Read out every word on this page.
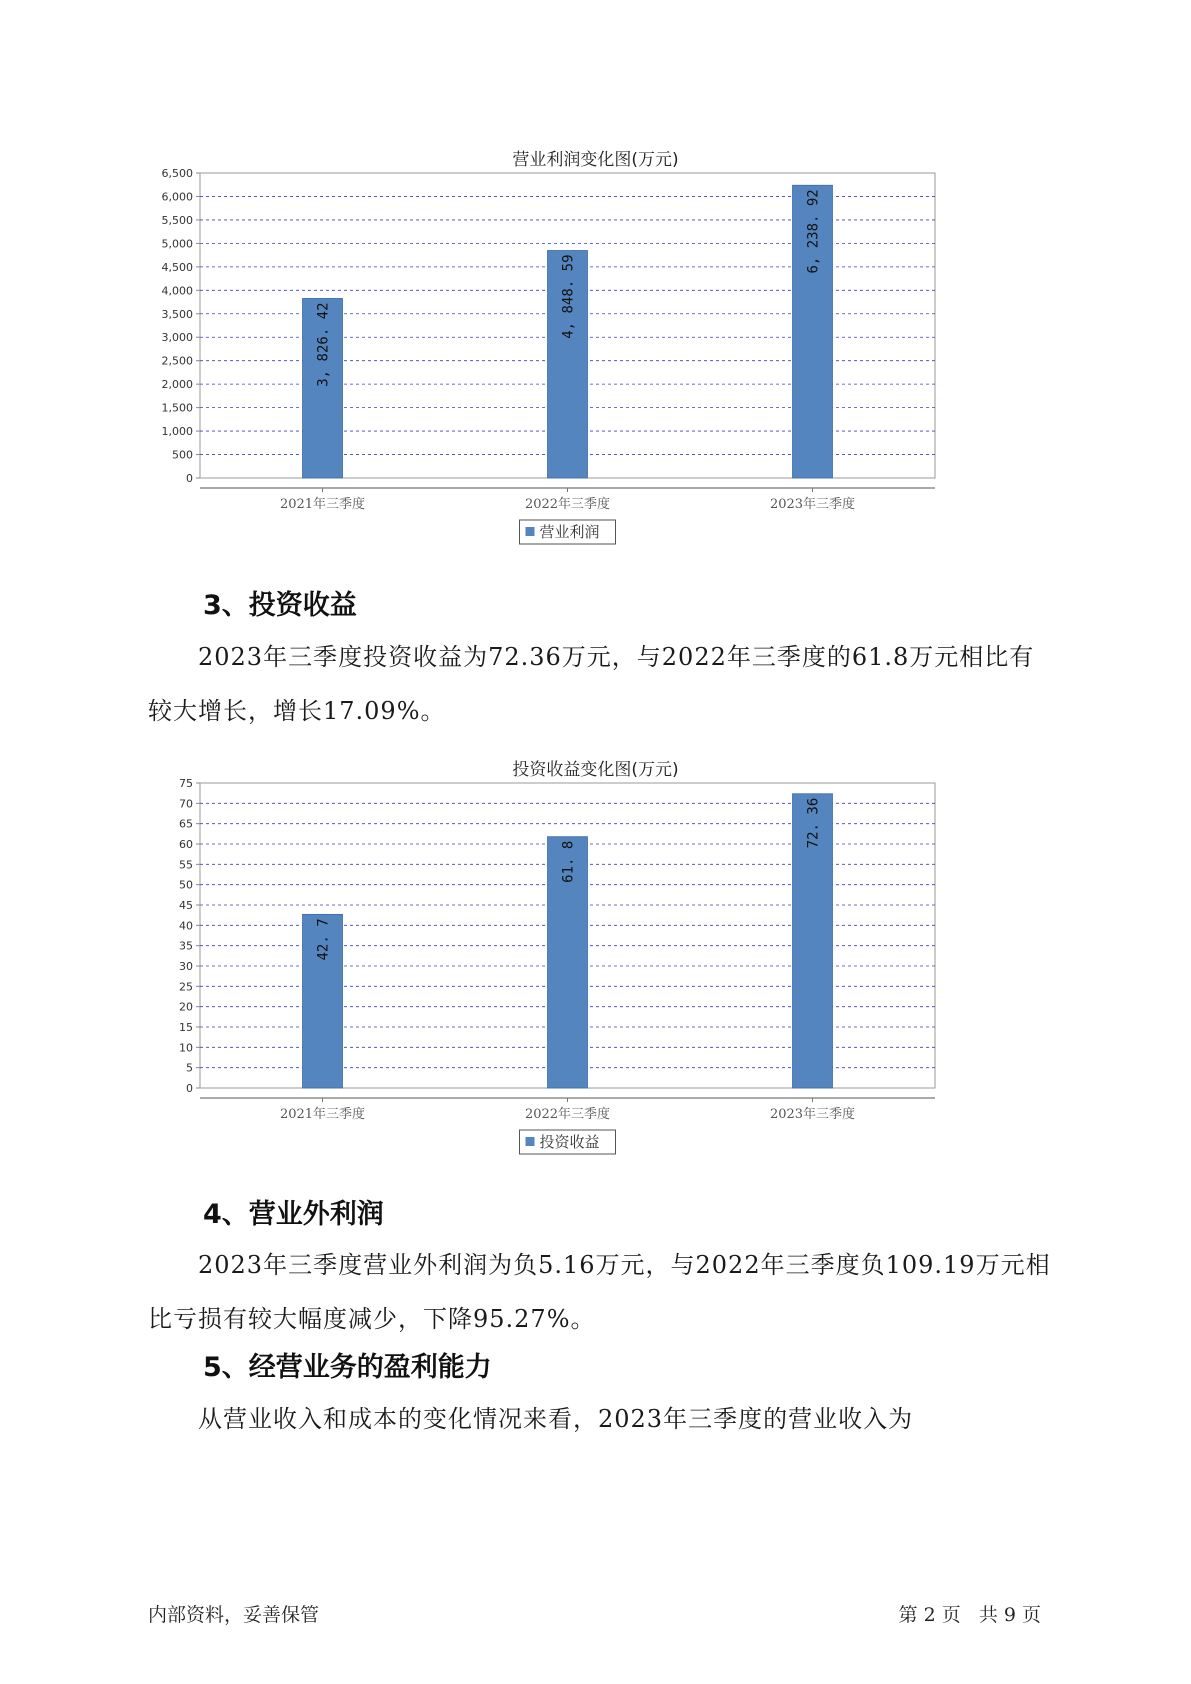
营业利润变化图(万元)
0
500
1,000
1,500
2,000
2,500
3,000
3,500
4,000
4,500
5,000
5,500
6,000
6,500
3, 826. 42
2021年三季度
4, 848. 59
2022年三季度
6, 238. 92
2023年三季度
营业利润
3、投资收益
2023年三季度投资收益为72.36万元，与2022年三季度的61.8万元相比有较大增长，增长17.09%。
投资收益变化图(万元)
0
5
10
15
20
25
30
35
40
45
50
55
60
65
70
75
42. 7
2021年三季度
61. 8
2022年三季度
72. 36
2023年三季度
投资收益
4、营业外利润
2023年三季度营业外利润为负5.16万元，与2022年三季度负109.19万元相比亏损有较大幅度减少，下降95.27%。
5、经营业务的盈利能力
从营业收入和成本的变化情况来看，2023年三季度的营业收入为
内部资料，妥善保管	第 2 页   共 9 页
